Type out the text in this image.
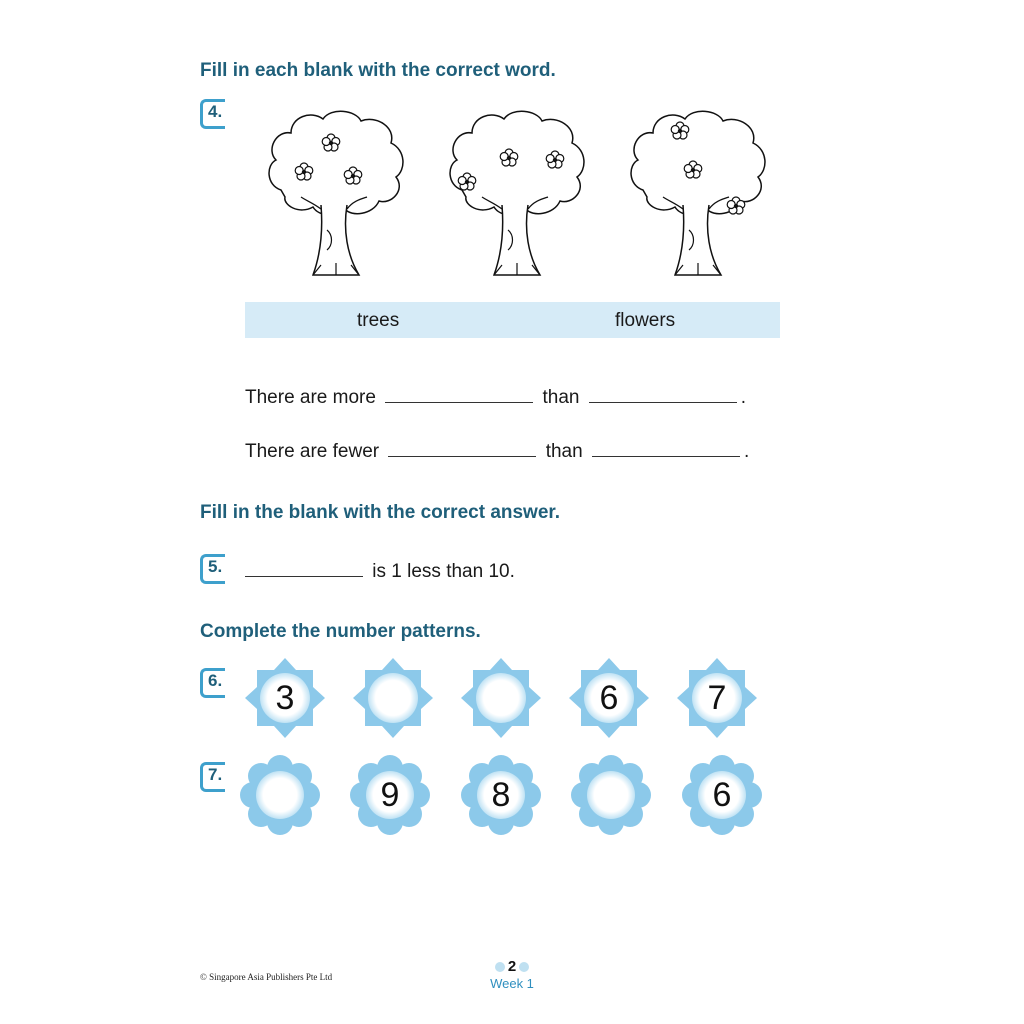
Fill in each blank with the correct word.
4.
trees	flowers
There are more	than	.
There are fewer	than	.
Fill in the blank with the correct answer.
5.	is 1 less than 10.
Complete the number patterns.
6.	3	6	7
7.
9	8	6
© Singapore Asia Publishers Pte Ltd
2
Week 1
